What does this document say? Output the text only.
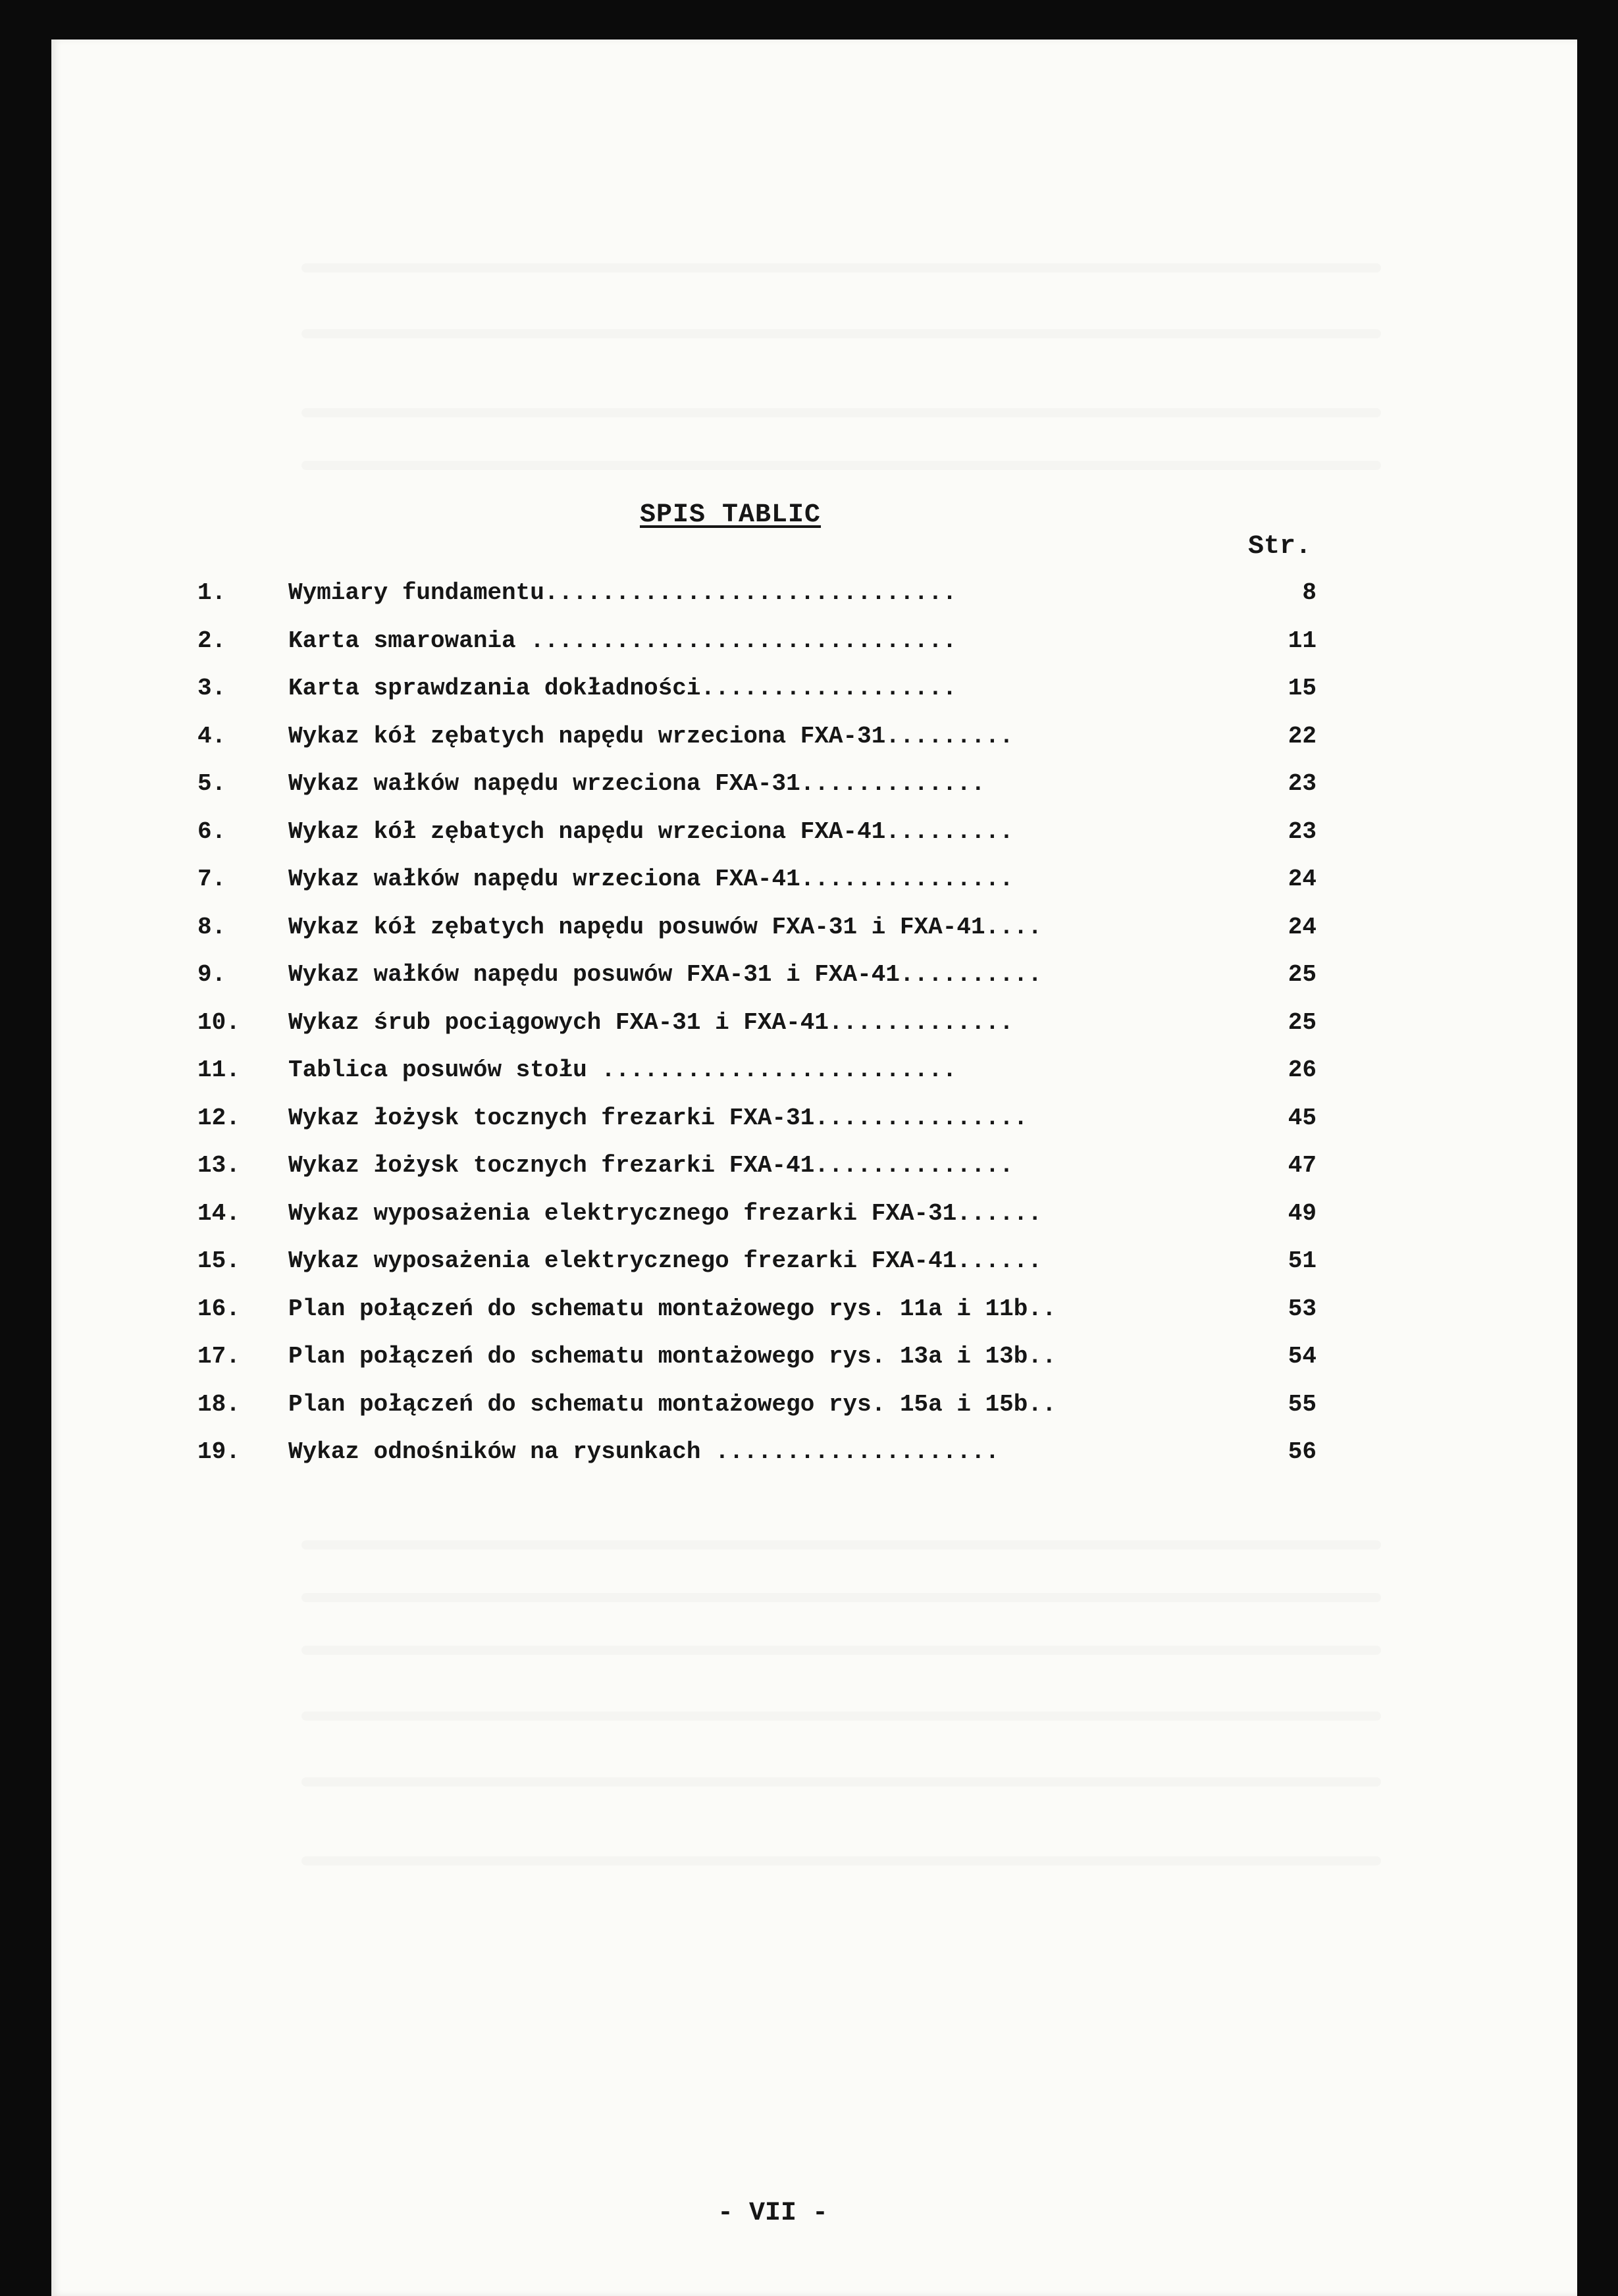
SPIS TABLIC
Str.
1.	Wymiary fundamentu.............................	8
2.	Karta smarowania ..............................	11
3.	Karta sprawdzania dokładności..................	15
4.	Wykaz kół zębatych napędu wrzeciona FXA-31.........	22
5.	Wykaz wałków napędu wrzeciona FXA-31.............	23
6.	Wykaz kół zębatych napędu wrzeciona FXA-41.........	23
7.	Wykaz wałków napędu wrzeciona FXA-41...............	24
8.	Wykaz kół zębatych napędu posuwów FXA-31 i FXA-41....	24
9.	Wykaz wałków napędu posuwów FXA-31 i FXA-41..........	25
10.	Wykaz śrub pociągowych FXA-31 i FXA-41.............	25
11.	Tablica posuwów stołu .........................	26
12.	Wykaz łożysk tocznych frezarki FXA-31...............	45
13.	Wykaz łożysk tocznych frezarki FXA-41..............	47
14.	Wykaz wyposażenia elektrycznego frezarki FXA-31......	49
15.	Wykaz wyposażenia elektrycznego frezarki FXA-41......	51
16.	Plan połączeń do schematu montażowego rys. 11a i 11b..	53
17.	Plan połączeń do schematu montażowego rys. 13a i 13b..	54
18.	Plan połączeń do schematu montażowego rys. 15a i 15b..	55
19.	Wykaz odnośników na rysunkach ....................	56
- VII -
